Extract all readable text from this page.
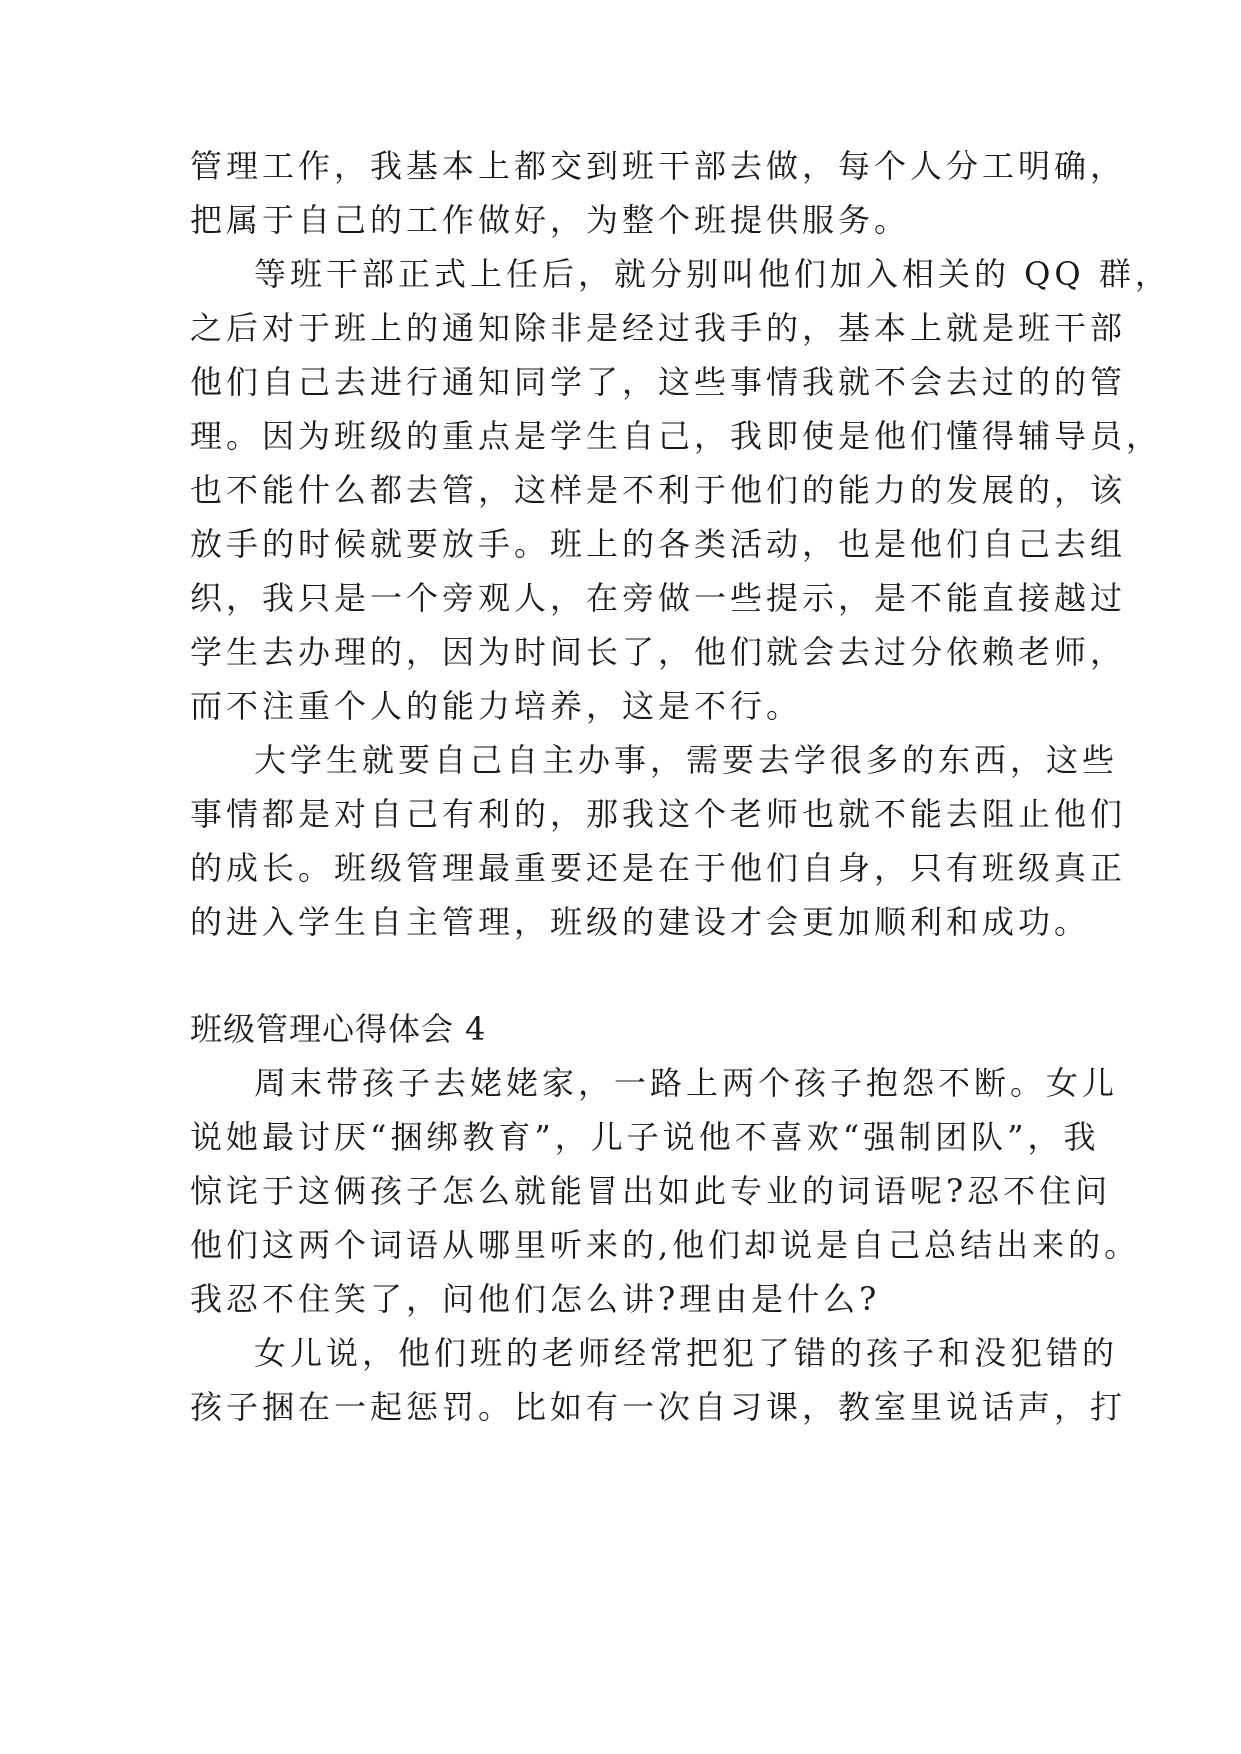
管理工作，我基本上都交到班干部去做，每个人分工明确，
把属于自己的工作做好，为整个班提供服务。
等班干部正式上任后，就分别叫他们加入相关的 QQ 群，
之后对于班上的通知除非是经过我手的，基本上就是班干部
他们自己去进行通知同学了，这些事情我就不会去过的的管
理。因为班级的重点是学生自己，我即使是他们懂得辅导员，
也不能什么都去管，这样是不利于他们的能力的发展的，该
放手的时候就要放手。班上的各类活动，也是他们自己去组
织，我只是一个旁观人，在旁做一些提示，是不能直接越过
学生去办理的，因为时间长了，他们就会去过分依赖老师，
而不注重个人的能力培养，这是不行。
大学生就要自己自主办事，需要去学很多的东西，这些
事情都是对自己有利的，那我这个老师也就不能去阻止他们
的成长。班级管理最重要还是在于他们自身，只有班级真正
的进入学生自主管理，班级的建设才会更加顺利和成功。
班级管理心得体会 4
周末带孩子去姥姥家，一路上两个孩子抱怨不断。女儿
说她最讨厌“捆绑教育”，儿子说他不喜欢“强制团队”，我
惊诧于这俩孩子怎么就能冒出如此专业的词语呢?忍不住问
他们这两个词语从哪里听来的,他们却说是自己总结出来的。
我忍不住笑了，问他们怎么讲?理由是什么?
女儿说，他们班的老师经常把犯了错的孩子和没犯错的
孩子捆在一起惩罚。比如有一次自习课，教室里说话声，打
